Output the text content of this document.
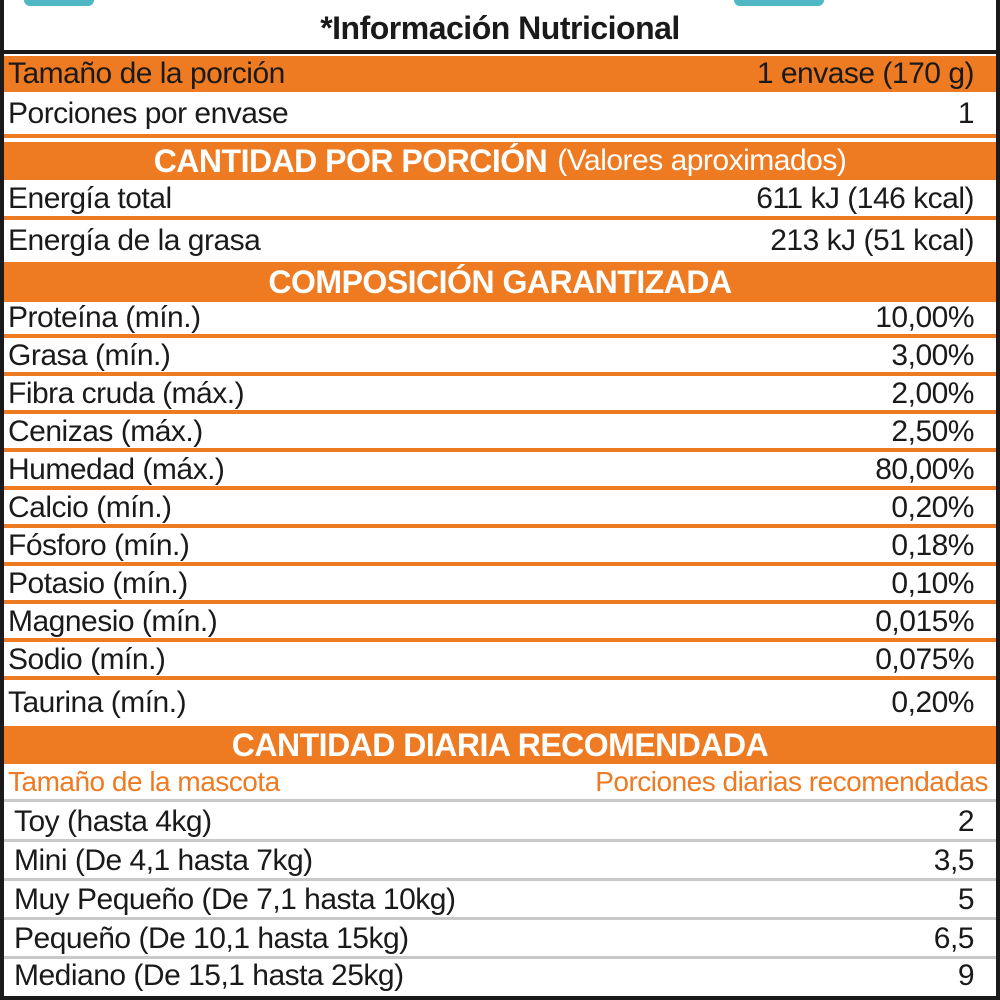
*Información Nutricional
Tamaño de la porción	1 envase (170 g)
Porciones por envase	1
CANTIDAD POR PORCIÓN (Valores aproximados)
Energía total	611 kJ (146 kcal)
Energía de la grasa	213 kJ (51 kcal)
COMPOSICIÓN GARANTIZADA
Proteína (mín.)	10,00%
Grasa (mín.)	3,00%
Fibra cruda (máx.)	2,00%
Cenizas (máx.)	2,50%
Humedad (máx.)	80,00%
Calcio (mín.)	0,20%
Fósforo (mín.)	0,18%
Potasio (mín.)	0,10%
Magnesio (mín.)	0,015%
Sodio (mín.)	0,075%
Taurina (mín.)	0,20%
CANTIDAD DIARIA RECOMENDADA
Tamaño de la mascota	Porciones diarias recomendadas
Toy (hasta 4kg)	2
Mini (De 4,1 hasta 7kg)	3,5
Muy Pequeño (De 7,1 hasta 10kg)	5
Pequeño (De 10,1 hasta 15kg)	6,5
Mediano (De 15,1 hasta 25kg)	9
